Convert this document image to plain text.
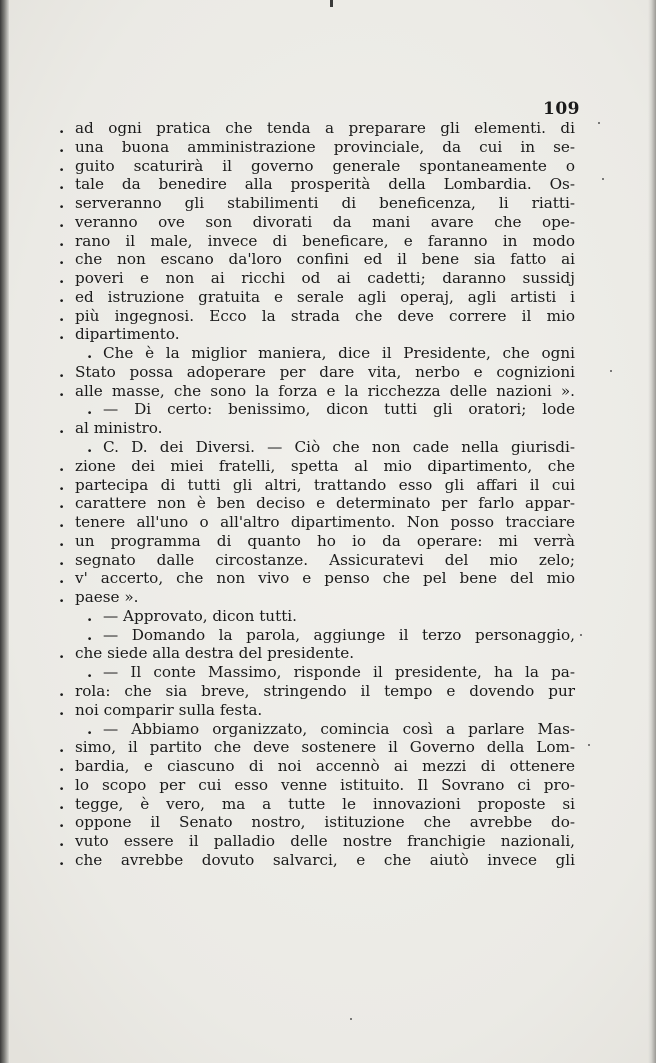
109
. ad ogni pratica che tenda a preparare gli elementi. di
. una buona amministrazione provinciale, da cui in se-
. guito scaturirà il governo generale spontaneamente o
. tale da benedire alla prosperità della Lombardia. Os-
. serveranno gli stabilimenti di beneficenza, li riatti-
. veranno ove son divorati da mani avare che ope-
. rano il male, invece di beneficare, e faranno in modo
. che non escano da'loro confini ed il bene sia fatto ai
. poveri e non ai ricchi od ai cadetti; daranno sussidj
. ed istruzione gratuita e serale agli operaj, agli artisti i
. più ingegnosi. Ecco la strada che deve correre il mio
. dipartimento.
. Che è la miglior maniera, dice il Presidente, che ogni
. Stato possa adoperare per dare vita, nerbo e cognizioni
. alle masse, che sono la forza e la ricchezza delle nazioni ».
. — Di certo: benissimo, dicon tutti gli oratori; lode
. al ministro.
. C. D. dei Diversi. — Ciò che non cade nella giurisdi-
. zione dei miei fratelli, spetta al mio dipartimento, che
. partecipa di tutti gli altri, trattando esso gli affari il cui
. carattere non è ben deciso e determinato per farlo appar-
. tenere all'uno o all'altro dipartimento. Non posso tracciare
. un programma di quanto ho io da operare: mi verrà
. segnato dalle circostanze. Assicuratevi del mio zelo;
. v' accerto, che non vivo e penso che pel bene del mio
. paese ».
. — Approvato, dicon tutti.
. — Domando la parola, aggiunge il terzo personaggio,
. che siede alla destra del presidente.
. — Il conte Massimo, risponde il presidente, ha la pa-
. rola: che sia breve, stringendo il tempo e dovendo pur
. noi comparir sulla festa.
. — Abbiamo organizzato, comincia così a parlare Mas-
. simo, il partito che deve sostenere il Governo della Lom-
. bardia, e ciascuno di noi accennò ai mezzi di ottenere
. lo scopo per cui esso venne istituito. Il Sovrano ci pro-
. tegge, è vero, ma a tutte le innovazioni proposte si
. oppone il Senato nostro, istituzione che avrebbe do-
. vuto essere il palladio delle nostre franchigie nazionali,
. che avrebbe dovuto salvarci, e che aiutò invece gli
